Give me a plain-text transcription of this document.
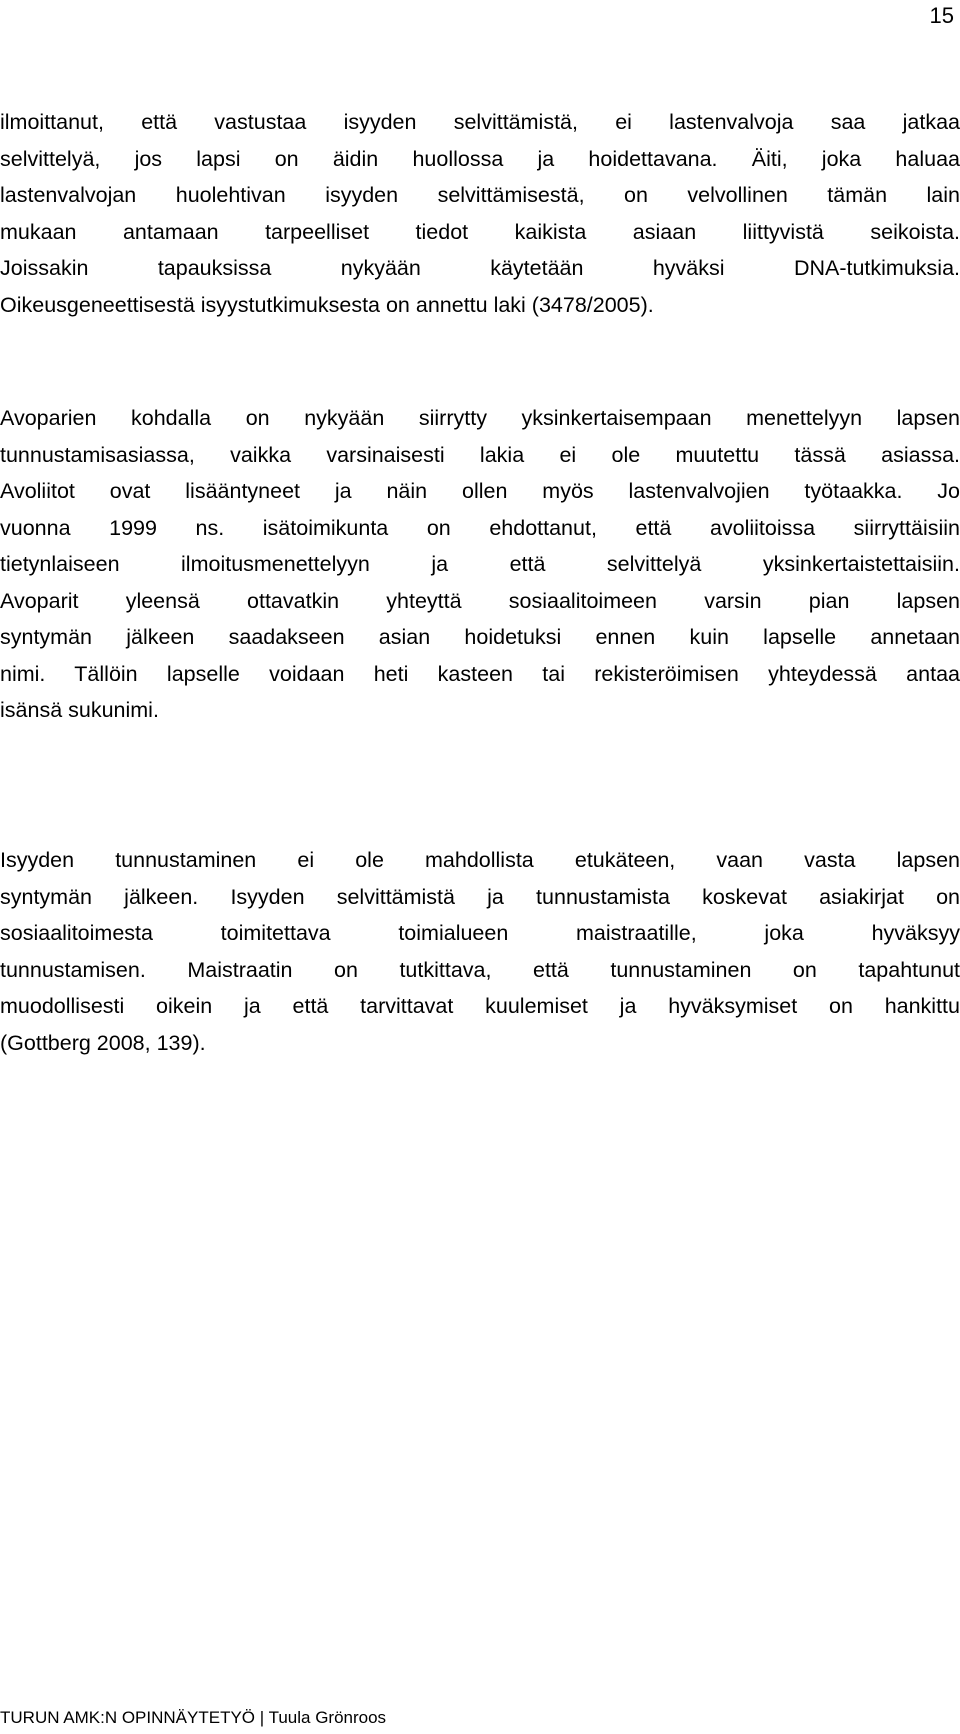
15
ilmoittanut, että vastustaa isyyden selvittämistä, ei lastenvalvoja saa jatkaa
selvittelyä, jos lapsi on äidin huollossa ja hoidettavana. Äiti, joka haluaa
lastenvalvojan huolehtivan isyyden selvittämisestä, on velvollinen tämän lain
mukaan antamaan tarpeelliset tiedot kaikista asiaan liittyvistä seikoista.
Joissakin tapauksissa nykyään käytetään hyväksi DNA-tutkimuksia.
Oikeusgeneettisestä isyystutkimuksesta on annettu laki (3478/2005).
Avoparien kohdalla on nykyään siirrytty yksinkertaisempaan menettelyyn lapsen
tunnustamisasiassa, vaikka varsinaisesti lakia ei ole muutettu tässä asiassa.
Avoliitot ovat lisääntyneet ja näin ollen myös lastenvalvojien työtaakka. Jo
vuonna 1999 ns. isätoimikunta on ehdottanut, että avoliitoissa siirryttäisiin
tietynlaiseen ilmoitusmenettelyyn ja että selvittelyä yksinkertaistettaisiin.
Avoparit yleensä ottavatkin yhteyttä sosiaalitoimeen varsin pian lapsen
syntymän jälkeen saadakseen asian hoidetuksi ennen kuin lapselle annetaan
nimi. Tällöin lapselle voidaan heti kasteen tai rekisteröimisen yhteydessä antaa
isänsä sukunimi.
Isyyden tunnustaminen ei ole mahdollista etukäteen, vaan vasta lapsen
syntymän jälkeen. Isyyden selvittämistä ja tunnustamista koskevat asiakirjat on
sosiaalitoimesta toimitettava toimialueen maistraatille, joka hyväksyy
tunnustamisen. Maistraatin on tutkittava, että tunnustaminen on tapahtunut
muodollisesti oikein ja että tarvittavat kuulemiset ja hyväksymiset on hankittu
(Gottberg 2008, 139).
TURUN AMK:N OPINNÄYTETYÖ | Tuula Grönroos
